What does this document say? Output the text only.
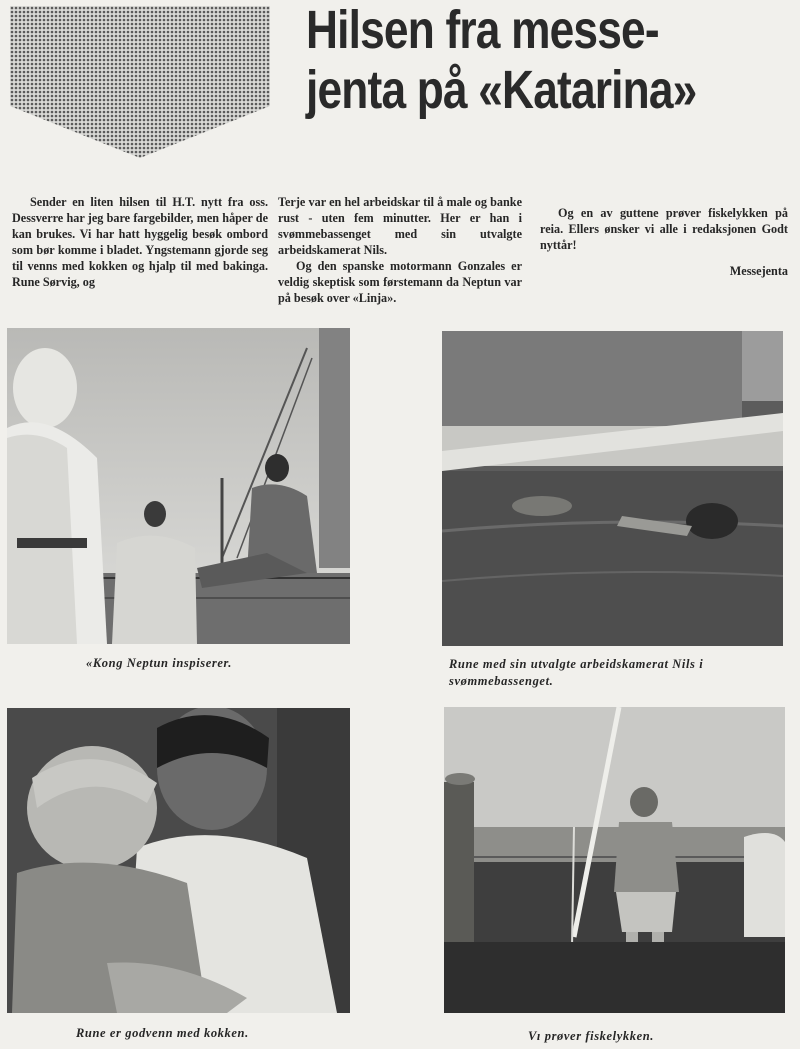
Hilsen fra messe-
jenta på «Katarina»

Sender en liten hilsen til H.T. nytt fra oss. Dessverre har jeg bare fargebilder, men håper de kan brukes. Vi har hatt hyggelig besøk ombord som bør komme i bladet. Yngstemann gjorde seg til venns med kokken og hjalp til med bakinga. Rune Sørvig, og

Terje var en hel arbeidskar til å male og banke rust - uten fem minutter. Her er han i svømmebassenget med sin utvalgte arbeidskamerat Nils.

Og den spanske motormann Gonzales er veldig skeptisk som førstemann da Neptun var på besøk over «Linja».

Og en av guttene prøver fiskelykken på reia. Ellers ønsker vi alle i redaksjonen Godt nyttår!

Messejenta

«Kong Neptun inspiserer.	Rune med sin utvalgte arbeidskamerat Nils i svømmebassenget.
Rune er godvenn med kokken.	Vı prøver fiskelykken.
